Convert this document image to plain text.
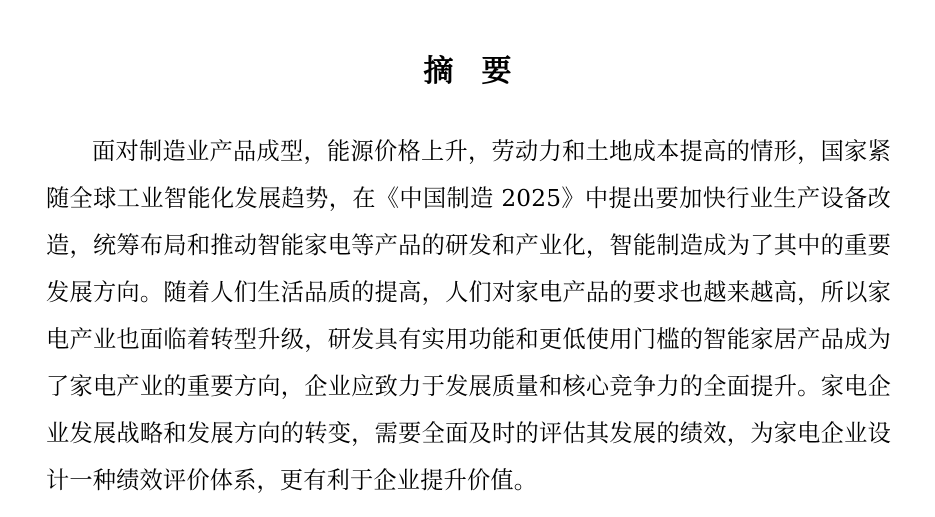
摘要

面对制造业产品成型，能源价格上升，劳动力和土地成本提高的情形，国家紧随全球工业智能化发展趋势，在《中国制造 2025》中提出要加快行业生产设备改造，统筹布局和推动智能家电等产品的研发和产业化，智能制造成为了其中的重要发展方向。随着人们生活品质的提高，人们对家电产品的要求也越来越高，所以家电产业也面临着转型升级，研发具有实用功能和更低使用门槛的智能家居产品成为了家电产业的重要方向，企业应致力于发展质量和核心竞争力的全面提升。家电企业发展战略和发展方向的转变，需要全面及时的评估其发展的绩效，为家电企业设计一种绩效评价体系，更有利于企业提升价值。
